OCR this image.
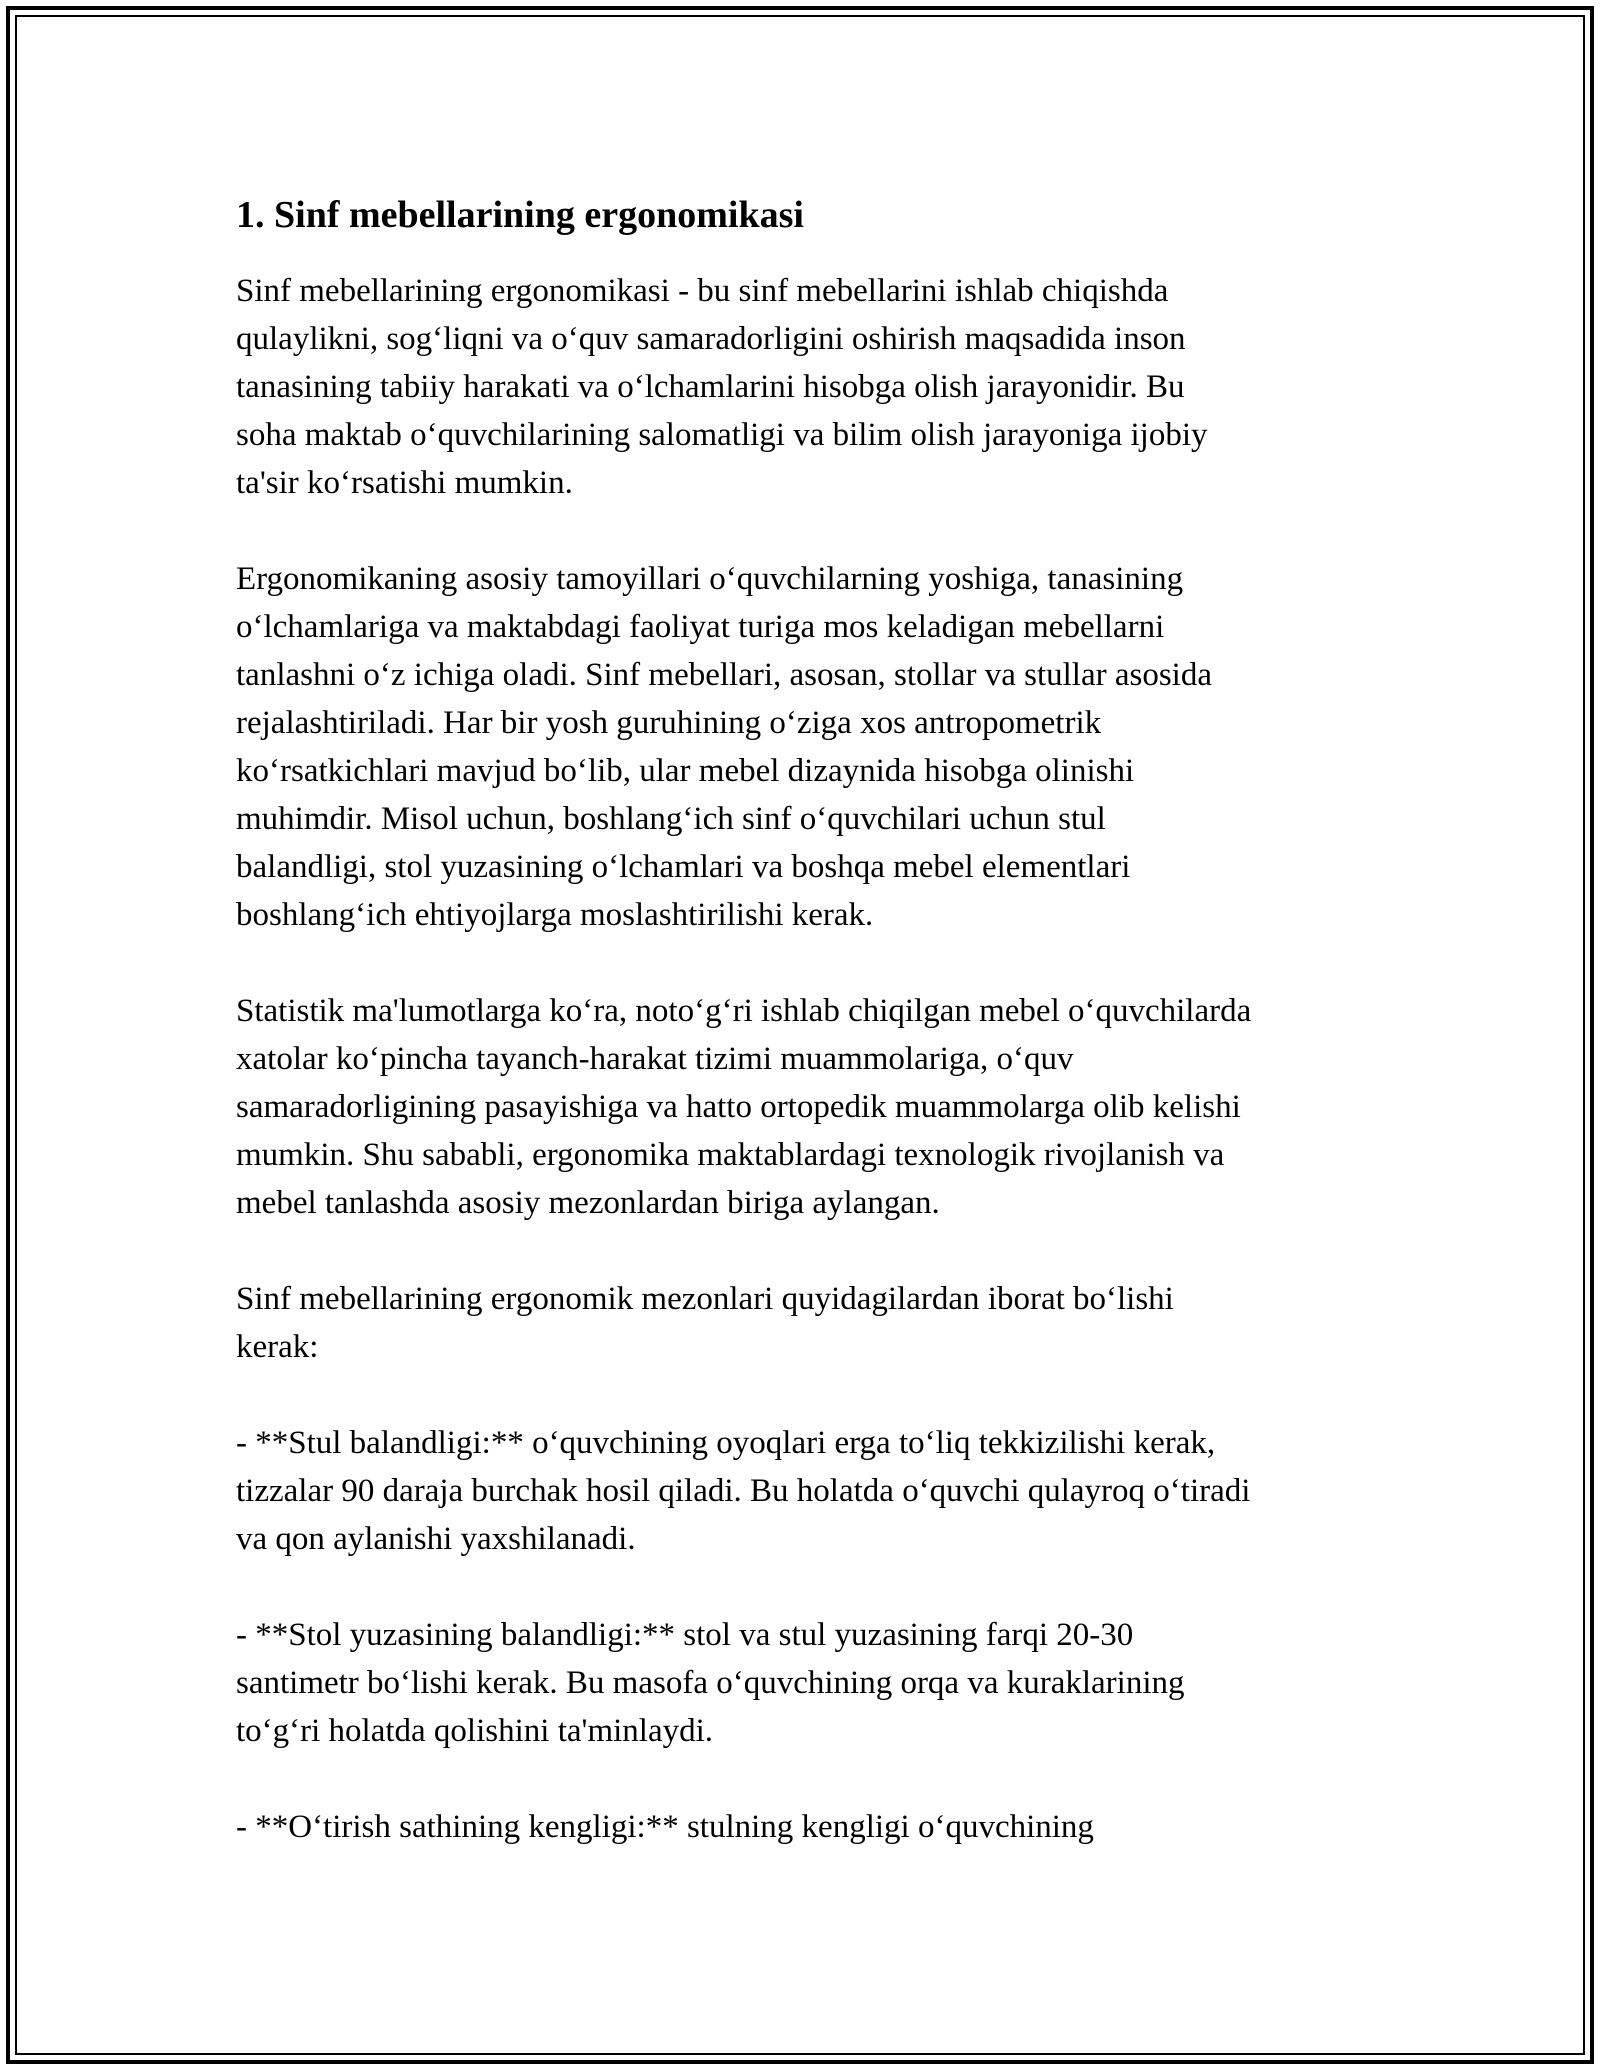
1. Sinf mebellarining ergonomikasi

Sinf mebellarining ergonomikasi - bu sinf mebellarini ishlab chiqishda
qulaylikni, sog‘liqni va o‘quv samaradorligini oshirish maqsadida inson
tanasining tabiiy harakati va o‘lchamlarini hisobga olish jarayonidir. Bu
soha maktab o‘quvchilarining salomatligi va bilim olish jarayoniga ijobiy
ta'sir ko‘rsatishi mumkin.

Ergonomikaning asosiy tamoyillari o‘quvchilarning yoshiga, tanasining
o‘lchamlariga va maktabdagi faoliyat turiga mos keladigan mebellarni
tanlashni o‘z ichiga oladi. Sinf mebellari, asosan, stollar va stullar asosida
rejalashtiriladi. Har bir yosh guruhining o‘ziga xos antropometrik
ko‘rsatkichlari mavjud bo‘lib, ular mebel dizaynida hisobga olinishi
muhimdir. Misol uchun, boshlang‘ich sinf o‘quvchilari uchun stul
balandligi, stol yuzasining o‘lchamlari va boshqa mebel elementlari
boshlang‘ich ehtiyojlarga moslashtirilishi kerak.

Statistik ma'lumotlarga ko‘ra, noto‘g‘ri ishlab chiqilgan mebel o‘quvchilarda
xatolar ko‘pincha tayanch-harakat tizimi muammolariga, o‘quv
samaradorligining pasayishiga va hatto ortopedik muammolarga olib kelishi
mumkin. Shu sababli, ergonomika maktablardagi texnologik rivojlanish va
mebel tanlashda asosiy mezonlardan biriga aylangan.

Sinf mebellarining ergonomik mezonlari quyidagilardan iborat bo‘lishi
kerak:

- **Stul balandligi:** o‘quvchining oyoqlari erga to‘liq tekkizilishi kerak,
tizzalar 90 daraja burchak hosil qiladi. Bu holatda o‘quvchi qulayroq o‘tiradi
va qon aylanishi yaxshilanadi.

- **Stol yuzasining balandligi:** stol va stul yuzasining farqi 20-30
santimetr bo‘lishi kerak. Bu masofa o‘quvchining orqa va kuraklarining
to‘g‘ri holatda qolishini ta'minlaydi.

- **O‘tirish sathining kengligi:** stulning kengligi o‘quvchining
